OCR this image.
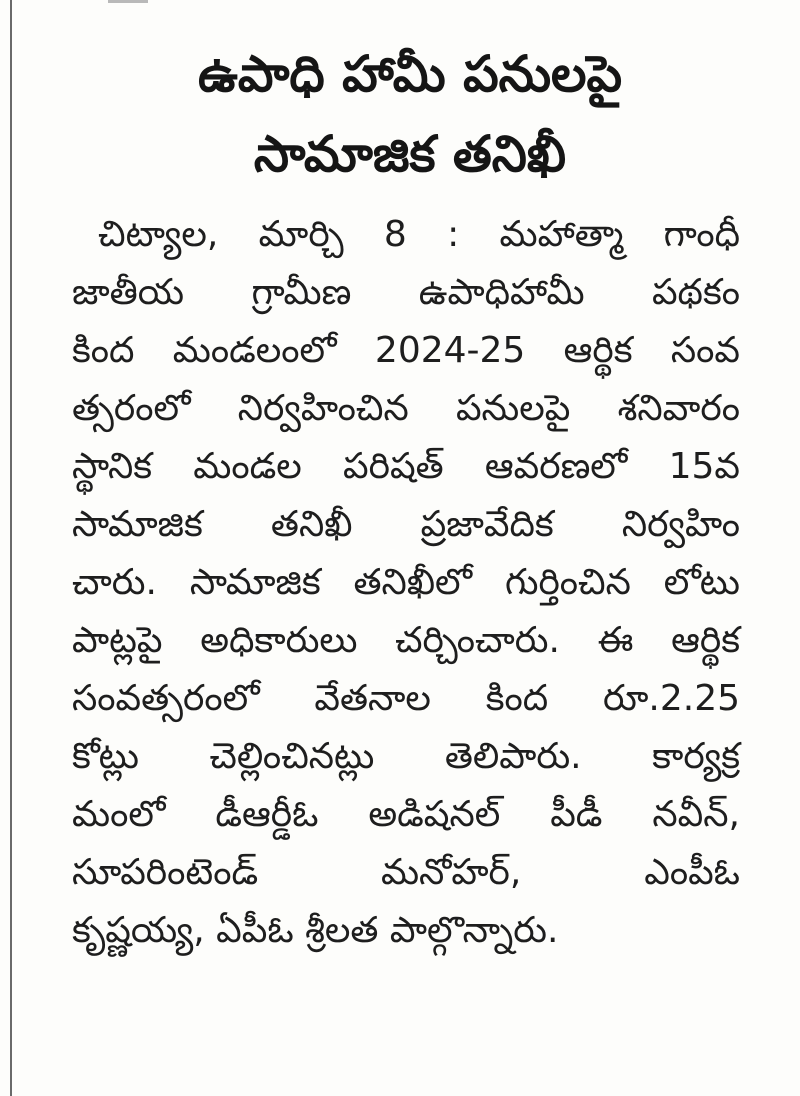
ఉపాధి హామీ పనులపై
సామాజిక తనిఖీ
చిట్యాల, మార్చి 8 : మహాత్మా గాంధీ
జాతీయ గ్రామీణ ఉపాధిహామీ పథకం
కింద మండలంలో 2024-25 ఆర్థిక సంవ
త్సరంలో నిర్వహించిన పనులపై శనివారం
స్థానిక మండల పరిషత్ ఆవరణలో 15వ
సామాజిక తనిఖీ ప్రజావేదిక నిర్వహిం
చారు. సామాజిక తనిఖీలో గుర్తించిన లోటు
పాట్లపై అధికారులు చర్చించారు. ఈ ఆర్థిక
సంవత్సరంలో వేతనాల కింద రూ.2.25
కోట్లు చెల్లించినట్లు తెలిపారు. కార్యక్ర
మంలో డీఆర్డీఓ అడిషనల్ పీడీ నవీన్,
సూపరింటెండ్ మనోహర్, ఎంపీఓ
కృష్ణయ్య, ఏపీఓ శ్రీలత పాల్గొన్నారు.
